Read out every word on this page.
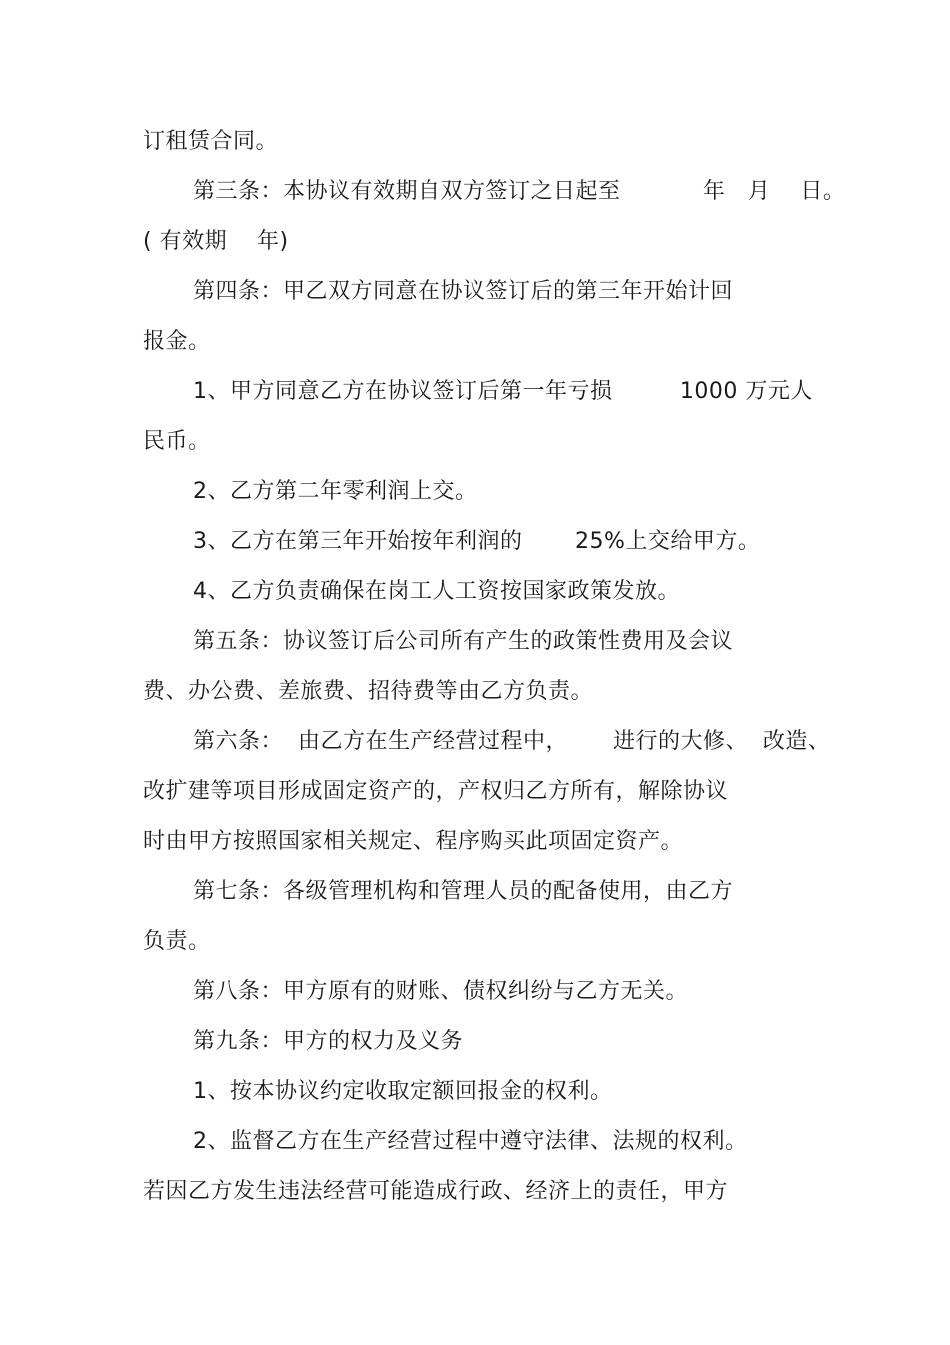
订租赁合同。
第三条：本协议有效期自双方签订之日起至           年   月    日。
( 有效期    年)
第四条：甲乙双方同意在协议签订后的第三年开始计回
报金。
1、甲方同意乙方在协议签订后第一年亏损         1000 万元人
民币。
2、乙方第二年零利润上交。
3、乙方在第三年开始按年利润的       25%上交给甲方。
4、乙方负责确保在岗工人工资按国家政策发放。
第五条：协议签订后公司所有产生的政策性费用及会议
费、办公费、差旅费、招待费等由乙方负责。
第六条：  由乙方在生产经营过程中，      进行的大修、  改造、
改扩建等项目形成固定资产的，产权归乙方所有，解除协议
时由甲方按照国家相关规定、程序购买此项固定资产。
第七条：各级管理机构和管理人员的配备使用，由乙方
负责。
第八条：甲方原有的财账、债权纠纷与乙方无关。
第九条：甲方的权力及义务
1、按本协议约定收取定额回报金的权利。
2、监督乙方在生产经营过程中遵守法律、法规的权利。
若因乙方发生违法经营可能造成行政、经济上的责任，甲方
